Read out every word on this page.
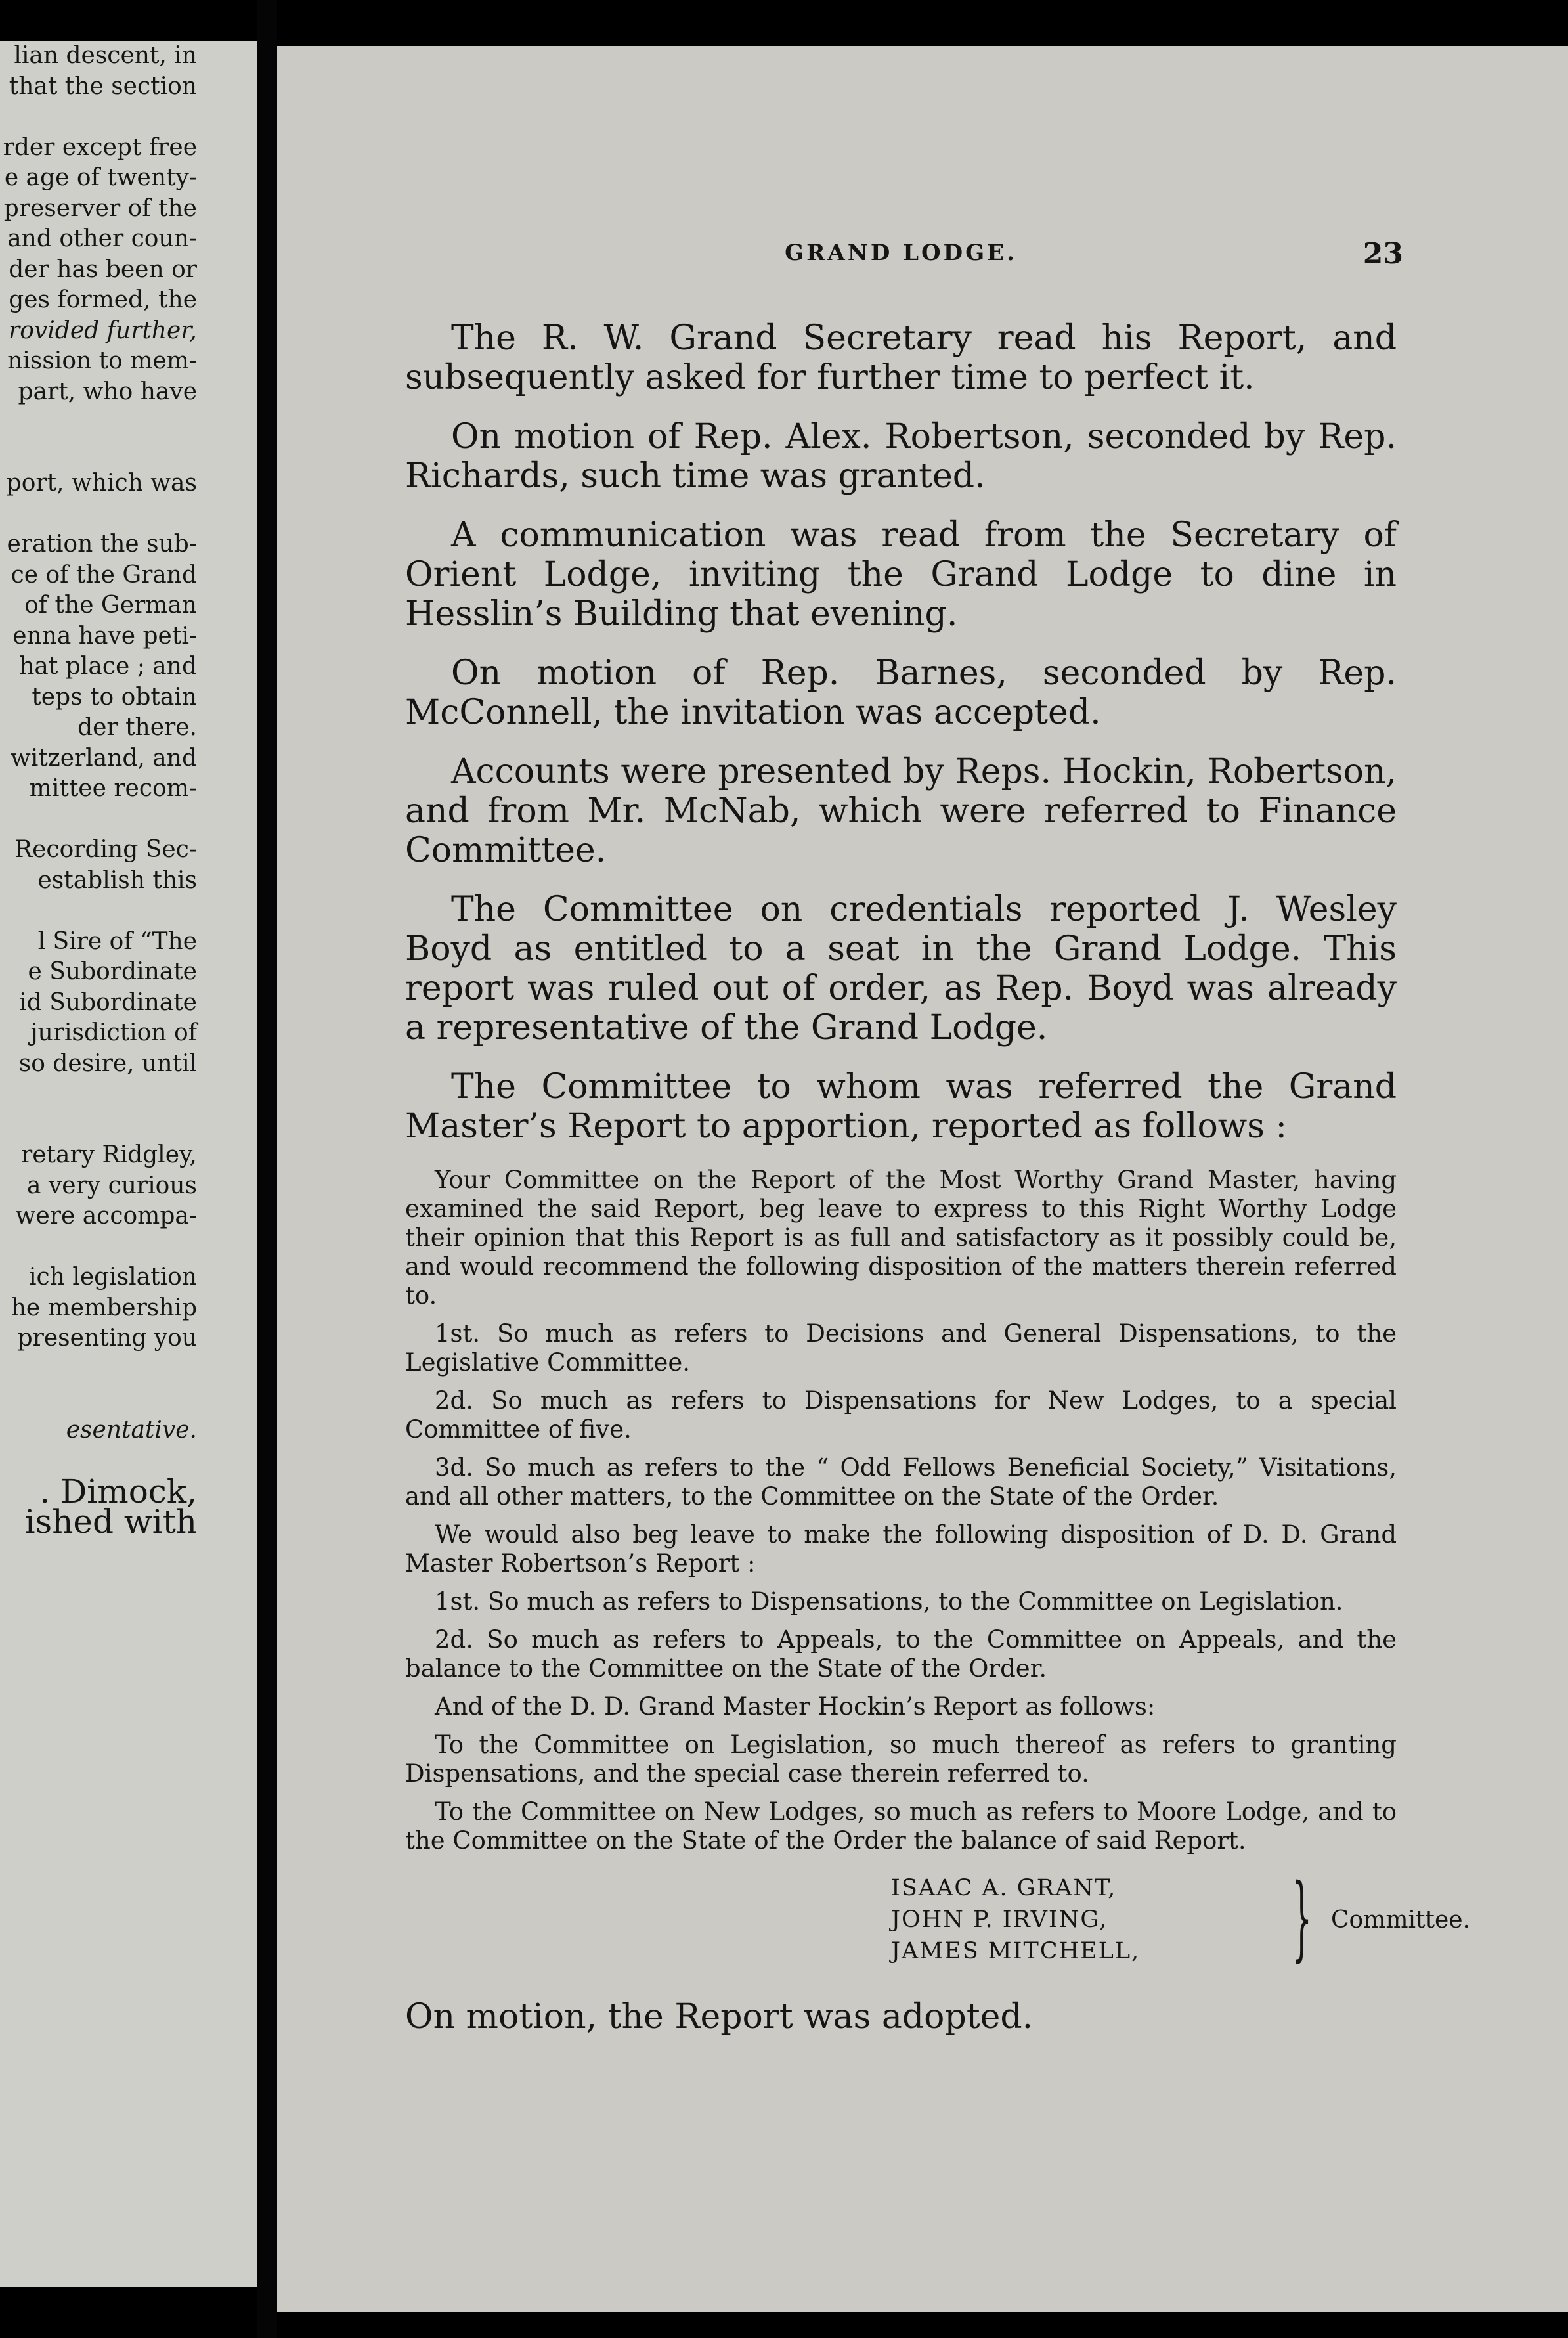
lian descent, in
that the section
rder except free
e age of twenty-
preserver of the
and other coun-
der has been or
ges formed, the
rovided further,
nission to mem-
part, who have
port, which was
eration the sub-
ce of the Grand
of the German
enna have peti-
hat place ; and
teps to obtain
der there.
witzerland, and
mittee recom-
Recording Sec-
establish this
l Sire of “The
e Subordinate
id Subordinate
jurisdiction of
so desire, until
retary Ridgley,
a very curious
were accompa-
ich legislation
he membership
presenting you
esentative.
. Dimock,
ished with
GRAND LODGE.	23

The R. W. Grand Secretary read his Report, and subsequently asked for further time to perfect it.

On motion of Rep. Alex. Robertson, seconded by Rep. Richards, such time was granted.

A communication was read from the Secretary of Orient Lodge, inviting the Grand Lodge to dine in Hesslin’s Building that evening.

On motion of Rep. Barnes, seconded by Rep. McConnell, the invitation was accepted.

Accounts were presented by Reps. Hockin, Robertson, and from Mr. McNab, which were referred to Finance Committee.

The Committee on credentials reported J. Wesley Boyd as entitled to a seat in the Grand Lodge. This report was ruled out of order, as Rep. Boyd was already a representative of the Grand Lodge.

The Committee to whom was referred the Grand Master’s Report to apportion, reported as follows :

Your Committee on the Report of the Most Worthy Grand Master, having examined the said Report, beg leave to express to this Right Worthy Lodge their opinion that this Report is as full and satisfactory as it possibly could be, and would recommend the following disposition of the matters therein referred to.

1st. So much as refers to Decisions and General Dispensations, to the Legislative Committee.

2d. So much as refers to Dispensations for New Lodges, to a special Committee of five.

3d. So much as refers to the “ Odd Fellows Beneficial Society,” Visitations, and all other matters, to the Committee on the State of the Order.

We would also beg leave to make the following disposition of D. D. Grand Master Robertson’s Report :

1st. So much as refers to Dispensations, to the Committee on Legislation.

2d. So much as refers to Appeals, to the Committee on Appeals, and the balance to the Committee on the State of the Order.

And of the D. D. Grand Master Hockin’s Report as follows:

To the Committee on Legislation, so much thereof as refers to granting Dispensations, and the special case therein referred to.

To the Committee on New Lodges, so much as refers to Moore Lodge, and to the Committee on the State of the Order the balance of said Report.

ISAAC A. GRANT,
JOHN P. IRVING,
JAMES MITCHELL, } Committee.

On motion, the Report was adopted.
